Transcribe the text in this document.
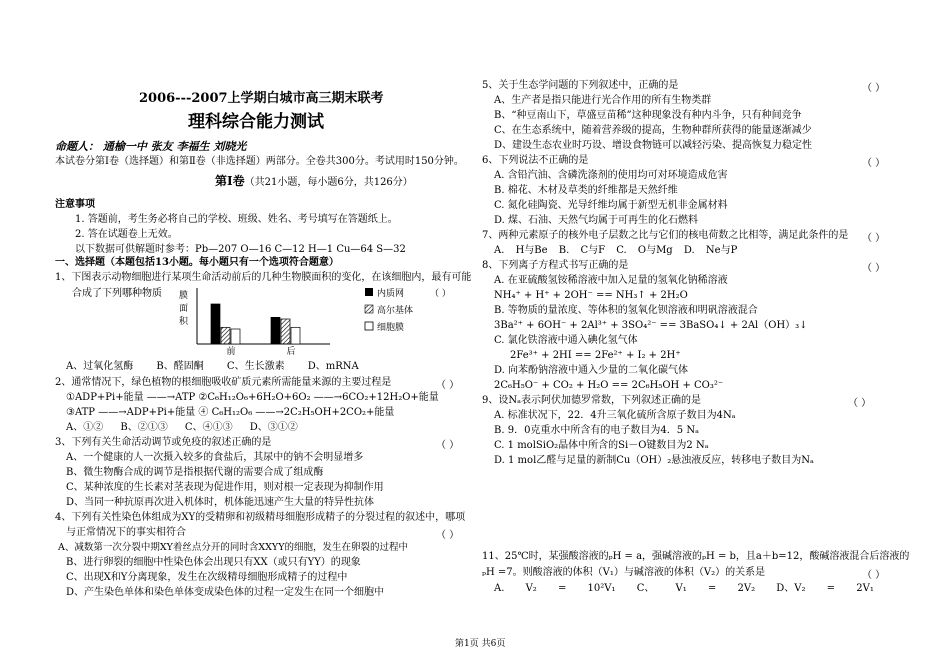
2006---2007上学期白城市高三期末联考
理科综合能力测试
命题人： 通榆一中 张友 李福生 刘晓光
本试卷分第Ⅰ卷（选择题）和第Ⅱ卷（非选择题）两部分。全卷共300分。考试用时150分钟。
第Ⅰ卷（共21小题，每小题6分，共126分）
注意事项
1. 答题前，考生务必将自己的学校、班级、姓名、考号填写在答题纸上。
2. 答在试题卷上无效。
以下数据可供解题时参考：Pb—207 O—16 C—12 H—1 Cu—64 S—32
一、选择题（本题包括13小题。每小题只有一个选项符合题意）
1、下图表示动物细胞进行某项生命活动前后的几种生物膜面积的变化，在该细胞内，最有可能
合成了下列哪种物质 膜
面
积
前	后
内质网
高尔基体
细胞膜
（ ）
A、过氧化氢酶 B、醛固酮 C、生长激素 D、mRNA
2、通常情况下，绿色植物的根细胞吸收矿质元素所需能量来源的主要过程是	（ ）
①ADP+Pi+能量 ——→ATP ②C₆H₁₂O₆+6H₂O+6O₂ ——→6CO₂+12H₂O+能量
③ATP ——→ADP+Pi+能量 ④ C₆H₁₂O₆ ——→2C₂H₅OH+2CO₂+能量
A、①② B、②①③ C、④①③ D、③①②
3、下列有关生命活动调节或免疫的叙述正确的是	（ ）
A、一个健康的人一次摄入较多的食盐后，其尿中的钠不会明显增多
B、微生物酶合成的调节是指根据代谢的需要合成了组成酶
C、某种浓度的生长素对茎表现为促进作用，则对根一定表现为抑制作用
D、当同一种抗原再次进入机体时，机体能迅速产生大量的特异性抗体
4、下列有关性染色体组成为XY的受精卵和初级精母细胞形成精子的分裂过程的叙述中，哪项
与正常情况下的事实相符合	（ ）
A、减数第一次分裂中期XY着丝点分开的同时含XXYY的细胞，发生在卵裂的过程中
B、进行卵裂的细胞中性染色体会出现只有XX（或只有YY）的现象
C、出现X和Y分离现象，发生在次级精母细胞形成精子的过程中
D、产生染色单体和染色单体变成染色体的过程一定发生在同一个细胞中
5、关于生态学问题的下列叙述中，正确的是	（ ）
A、生产者是指只能进行光合作用的所有生物类群
B、“种豆南山下，草盛豆苗稀”这种现象没有种内斗争，只有种间竞争
C、在生态系统中，随着营养级的提高，生物种群所获得的能量逐渐减少
D、建设生态农业时巧设、增设食物链可以减轻污染、提高恢复力稳定性
6、下列说法不正确的是	（ ）
A. 含铅汽油、含磷洗涤剂的使用均可对环境造成危害
B. 棉花、木材及草类的纤维都是天然纤维
C. 氮化硅陶瓷、光导纤维均属于新型无机非金属材料
D. 煤、石油、天然气均属于可再生的化石燃料
7、两种元素原子的核外电子层数之比与它们的核电荷数之比相等，满足此条件的是 （ ）
A. H与Be B. C与F C. O与Mg D. Ne与P
8、下列离子方程式书写正确的是	（ ）
A. 在亚硫酸氢铵稀溶液中加入足量的氢氧化钠稀溶液
NH₄⁺ + H⁺ + 2OH⁻ == NH₃↑ + 2H₂O
B. 等物质的量浓度、等体积的氢氧化钡溶液和明矾溶液混合
3Ba²⁺ + 6OH⁻ + 2Al³⁺ + 3SO₄²⁻ == 3BaSO₄↓ + 2Al（OH）₃↓
C. 氯化铁溶液中通入碘化氢气体
2Fe³⁺ + 2HI == 2Fe²⁺ + I₂ + 2H⁺
D. 向苯酚钠溶液中通入少量的二氧化碳气体
2C₆H₅O⁻ + CO₂ + H₂O == 2C₆H₅OH + CO₃²⁻
9、设Nₐ表示阿伏加德罗常数，下列叙述正确的是	（ ）
A. 标准状况下，22．4升三氧化硫所含原子数目为4Nₐ
B. 9．0克重水中所含有的电子数目为4．5 Nₐ
C. 1 molSiO₂晶体中所含的Si－O键数目为2 Nₐ
D. 1 mol乙醛与足量的新制Cu（OH）₂悬浊液反应，转移电子数目为Nₐ
11、25℃时，某强酸溶液的ₚH = a，强碱溶液的ₚH = b，且a＋b=12，酸碱溶液混合后溶液的
ₚH =7。则酸溶液的体积（V₁）与碱溶液的体积（V₂）的关系是	（ ）
A. V₂ = 10²V₁ C、 V₁ = 2V₂ D、V₂ = 2V₁
第1页 共6页
